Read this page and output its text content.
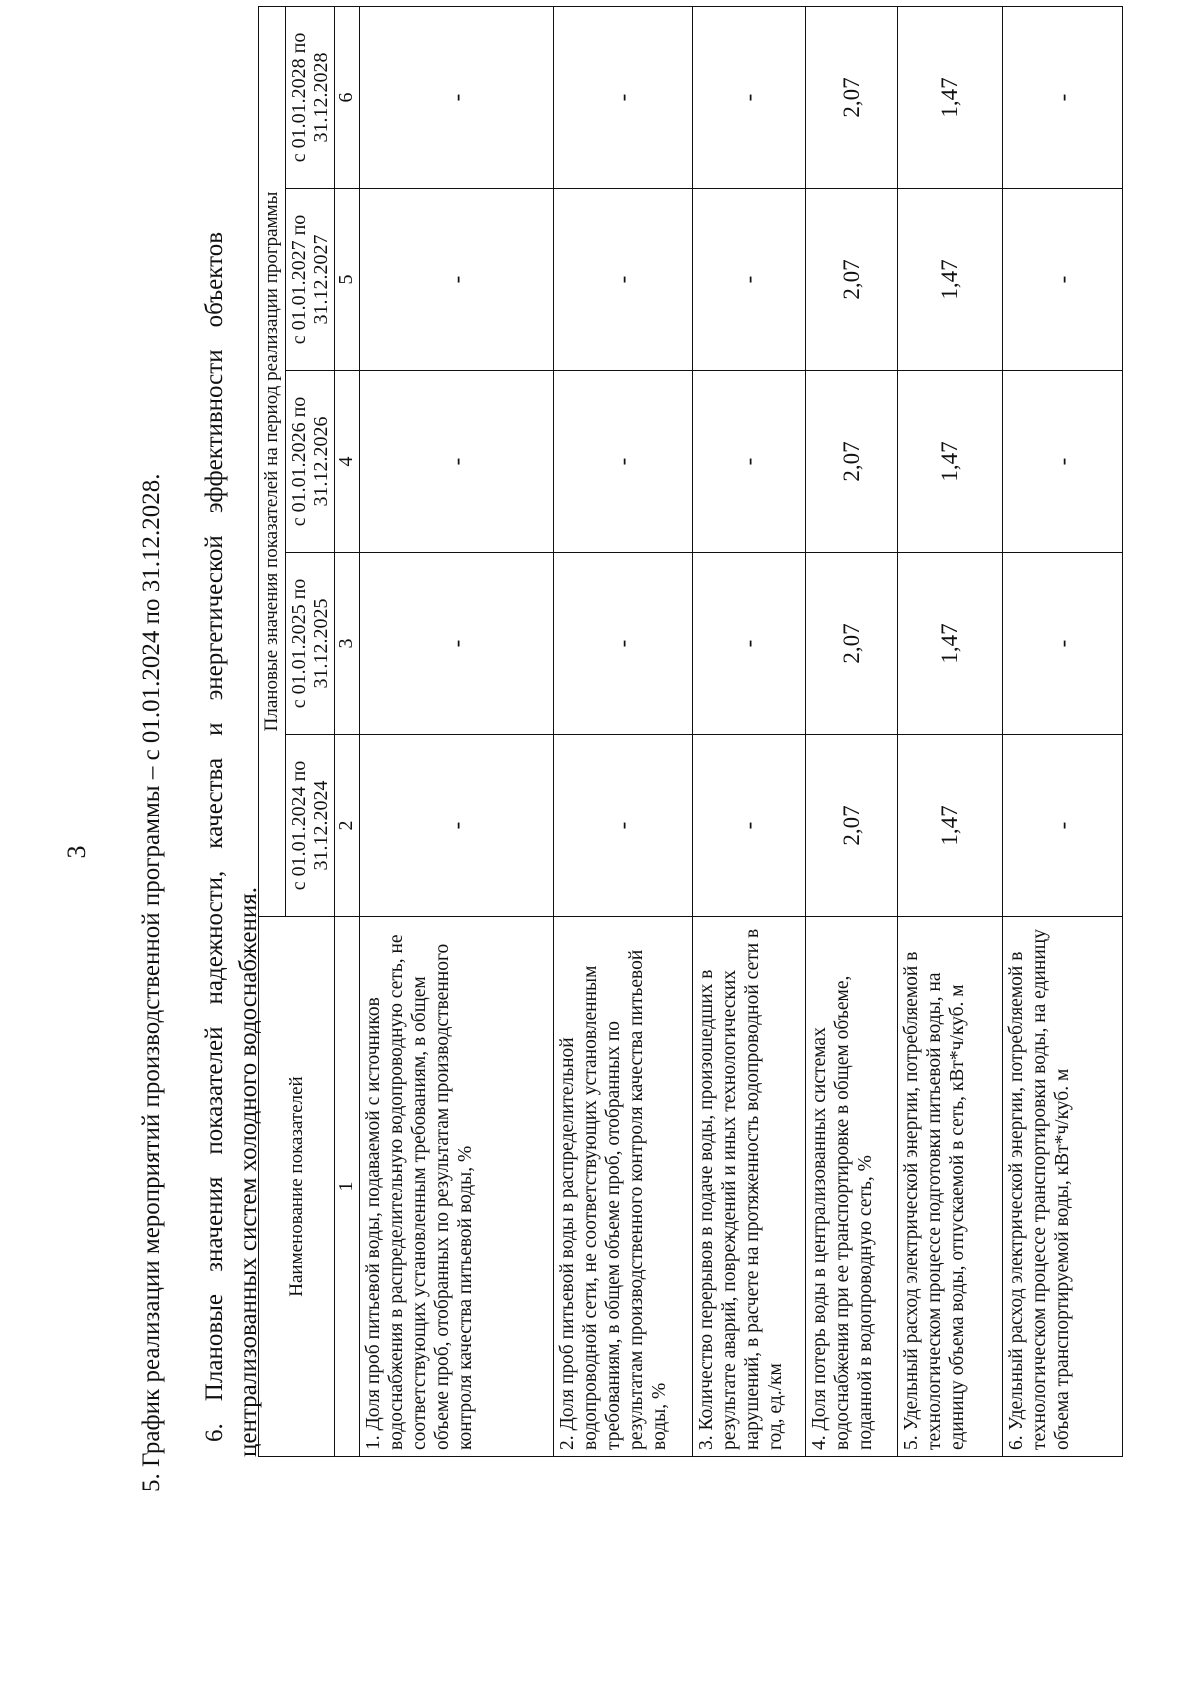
3 5. График реализации мероприятий производственной программы – с 01.01.2024 по 31.12.2028. 6.
Плановые
значения
показателей
надежности,
качества
и
энергетической
эффективности
объектов
централизованных систем холодного водоснабжения. Наименование показателей	Плановые значения показателей на период реализации программы				
	с 01.01.2024 по 31.12.2024	с 01.01.2025 по 31.12.2025	с 01.01.2026 по 31.12.2026	с 01.01.2027 по 31.12.2027	с 01.01.2028 по 31.12.2028
1	2	3	4	5	6
1. Доля проб питьевой воды, подаваемой с источников водоснабжения в распределительную водопроводную сеть, не соответствующих установленным требованиям, в общем объеме проб, отобранных по результатам производственного контроля качества питьевой воды, %	-	-	-	-	-
2. Доля проб питьевой воды в распределительной водопроводной сети, не соответствующих установленным требованиям, в общем объеме проб, отобранных по результатам производственного контроля качества питьевой воды, %	-	-	-	-	-
3. Количество перерывов в подаче воды, произошедших в результате аварий, повреждений и иных технологических нарушений, в расчете на протяженность водопроводной сети в год, ед./км	-	-	-	-	-
4. Доля потерь воды в централизованных системах водоснабжения при ее транспортировке в общем объеме, поданной в водопроводную сеть, %	2,07	2,07	2,07	2,07	2,07
5. Удельный расход электрической энергии, потребляемой в технологическом процессе подготовки питьевой воды, на единицу объема воды, отпускаемой в сеть, кВт*ч/куб. м	1,47	1,47	1,47	1,47	1,47
6. Удельный расход электрической энергии, потребляемой в технологическом процессе транспортировки воды, на единицу объема транспортируемой воды, кВт*ч/куб. м	-	-	-	-	-
